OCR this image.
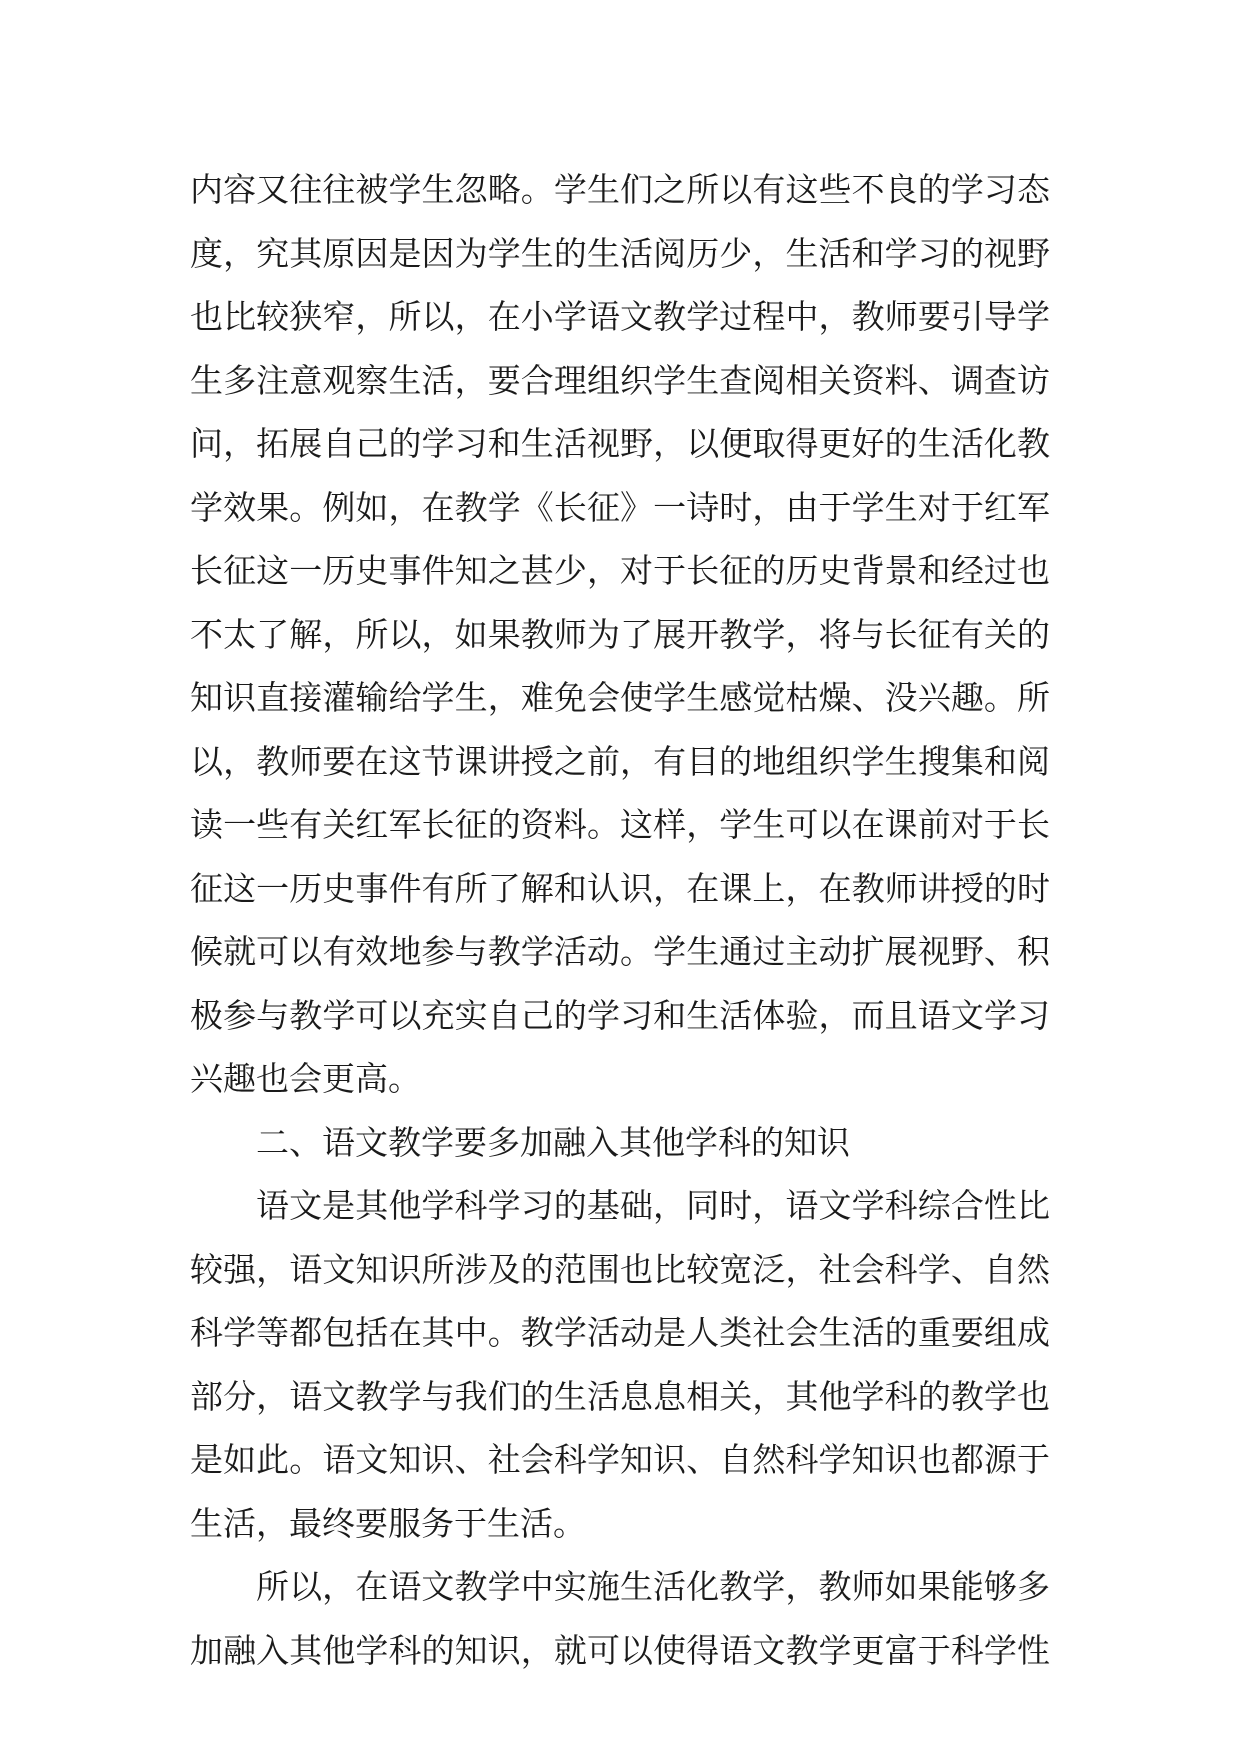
内容又往往被学生忽略。学生们之所以有这些不良的学习态
度，究其原因是因为学生的生活阅历少，生活和学习的视野
也比较狭窄，所以，在小学语文教学过程中，教师要引导学
生多注意观察生活，要合理组织学生查阅相关资料、调查访
问，拓展自己的学习和生活视野，以便取得更好的生活化教
学效果。例如，在教学《长征》一诗时，由于学生对于红军
长征这一历史事件知之甚少，对于长征的历史背景和经过也
不太了解，所以，如果教师为了展开教学，将与长征有关的
知识直接灌输给学生，难免会使学生感觉枯燥、没兴趣。所
以，教师要在这节课讲授之前，有目的地组织学生搜集和阅
读一些有关红军长征的资料。这样，学生可以在课前对于长
征这一历史事件有所了解和认识，在课上，在教师讲授的时
候就可以有效地参与教学活动。学生通过主动扩展视野、积
极参与教学可以充实自己的学习和生活体验，而且语文学习
兴趣也会更高。
二、语文教学要多加融入其他学科的知识
语文是其他学科学习的基础，同时，语文学科综合性比
较强，语文知识所涉及的范围也比较宽泛，社会科学、自然
科学等都包括在其中。教学活动是人类社会生活的重要组成
部分，语文教学与我们的生活息息相关，其他学科的教学也
是如此。语文知识、社会科学知识、自然科学知识也都源于
生活，最终要服务于生活。
所以，在语文教学中实施生活化教学，教师如果能够多
加融入其他学科的知识，就可以使得语文教学更富于科学性
